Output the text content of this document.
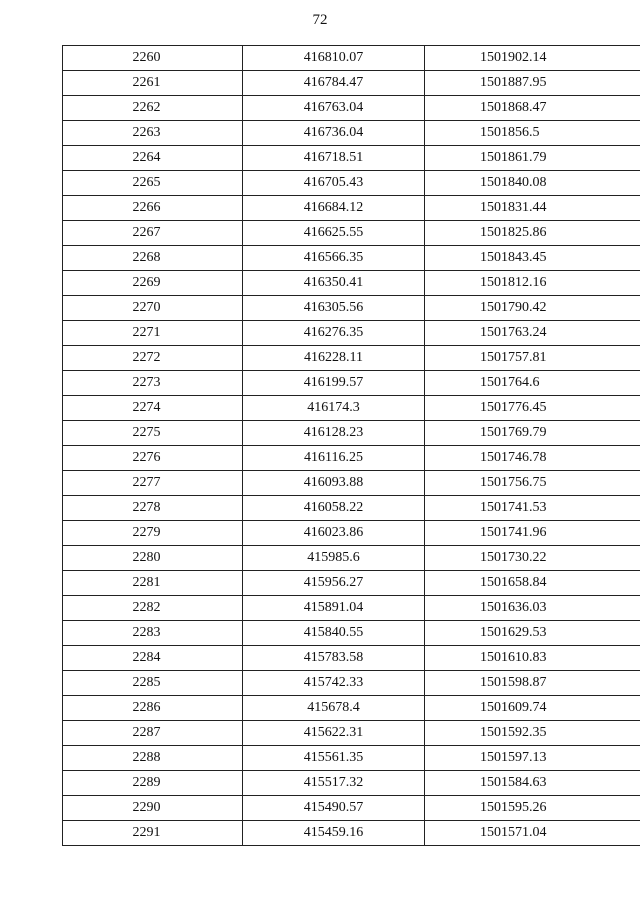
72
2260	416810.07	1501902.14
2261	416784.47	1501887.95
2262	416763.04	1501868.47
2263	416736.04	1501856.5
2264	416718.51	1501861.79
2265	416705.43	1501840.08
2266	416684.12	1501831.44
2267	416625.55	1501825.86
2268	416566.35	1501843.45
2269	416350.41	1501812.16
2270	416305.56	1501790.42
2271	416276.35	1501763.24
2272	416228.11	1501757.81
2273	416199.57	1501764.6
2274	416174.3	1501776.45
2275	416128.23	1501769.79
2276	416116.25	1501746.78
2277	416093.88	1501756.75
2278	416058.22	1501741.53
2279	416023.86	1501741.96
2280	415985.6	1501730.22
2281	415956.27	1501658.84
2282	415891.04	1501636.03
2283	415840.55	1501629.53
2284	415783.58	1501610.83
2285	415742.33	1501598.87
2286	415678.4	1501609.74
2287	415622.31	1501592.35
2288	415561.35	1501597.13
2289	415517.32	1501584.63
2290	415490.57	1501595.26
2291	415459.16	1501571.04
